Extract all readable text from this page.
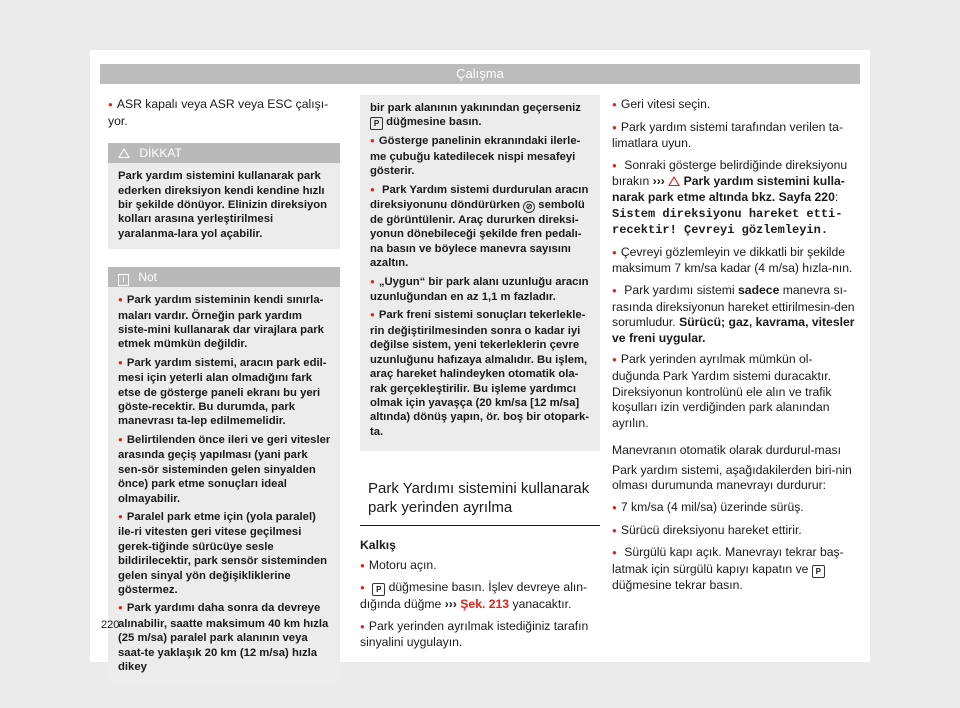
Çalışma

● ASR kapalı veya ASR veya ESC çalışı-yor.

DİKKAT
Park yardım sistemini kullanarak park ederken direksiyon kendi kendine hızlı bir şekilde dönüyor. Elinizin direksiyon kolları arasına yerleştirilmesi yaralanma-lara yol açabilir.
i Not

● Park yardım sisteminin kendi sınırla-maları vardır. Örneğin park yardım siste-mini kullanarak dar virajlara park etmek mümkün değildir.

● Park yardım sistemi, aracın park edil-mesi için yeterli alan olmadığını fark etse de gösterge paneli ekranı bu yeri göste-recektir. Bu durumda, park manevrası ta-lep edilmemelidir.

● Belirtilenden önce ileri ve geri vitesler arasında geçiş yapılması (yani park sen-sör sisteminden gelen sinyalden önce) park etme sonuçları ideal olmayabilir.

● Paralel park etme için (yola paralel) ile-ri vitesten geri vitese geçilmesi gerek-tiğinde sürücüye sesle bildirilecektir, park sensör sisteminden gelen sinyal yön değişikliklerine göstermez.

● Park yardımı daha sonra da devreye alınabilir, saatte maksimum 40 km hızla (25 m/sa) paralel park alanının veya saat-te yaklaşık 20 km (12 m/sa) hızla dikey

bir park alanının yakınından geçerseniz P düğmesine basın.

● Gösterge panelinin ekranındaki ilerle-me çubuğu katedilecek nispi mesafeyi gösterir.

● Park Yardım sistemi durdurulan aracın direksiyonunu döndürürken ⊘ sembolü de görüntülenir. Araç dururken direksi-yonun dönebileceği şekilde fren pedalı-na basın ve böylece manevra sayısını azaltın.

● „Uygun“ bir park alanı uzunluğu aracın uzunluğundan en az 1,1 m fazladır.

● Park freni sistemi sonuçları tekerlekle-rin değiştirilmesinden sonra o kadar iyi değilse sistem, yeni tekerleklerin çevre uzunluğunu hafızaya almalıdır. Bu işlem, araç hareket halindeyken otomatik ola-rak gerçekleştirilir. Bu işleme yardımcı olmak için yavaşça (20 km/sa [12 m/sa] altında) dönüş yapın, ör. boş bir otopark-ta.

Park Yardımı sistemini kullanarak park yerinden ayrılma
Kalkış

● Motoru açın.

● P düğmesine basın. İşlev devreye alın-dığında düğme ››› Şek. 213 yanacaktır.

● Park yerinden ayrılmak istediğiniz tarafın sinyalini uygulayın.

● Geri vitesi seçin.

● Park yardım sistemi tarafından verilen ta-limatlara uyun.

● Sonraki gösterge belirdiğinde direksiyonu bırakın ››› Park yardım sistemini kulla-narak park etme altında bkz. Sayfa 220: Sistem direksiyonu hareket etti-recektir! Çevreyi gözlemleyin.

● Çevreyi gözlemleyin ve dikkatli bir şekilde maksimum 7 km/sa kadar (4 m/sa) hızla-nın.

● Park yardımı sistemi sadece manevra sı-rasında direksiyonun hareket ettirilmesin-den sorumludur. Sürücü; gaz, kavrama, vitesler ve freni uygular.

● Park yerinden ayrılmak mümkün ol-duğunda Park Yardım sistemi duracaktır. Direksiyonun kontrolünü ele alın ve trafik koşulları izin verdiğinden park alanından ayrılın.

Manevranın otomatik olarak durdurul-ması

Park yardım sistemi, aşağıdakilerden biri-nin olması durumunda manevrayı durdurur:

● 7 km/sa (4 mil/sa) üzerinde sürüş.

● Sürücü direksiyonu hareket ettirir.

● Sürgülü kapı açık. Manevrayı tekrar baş-latmak için sürgülü kapıyı kapatın ve P düğmesine tekrar basın.

220
